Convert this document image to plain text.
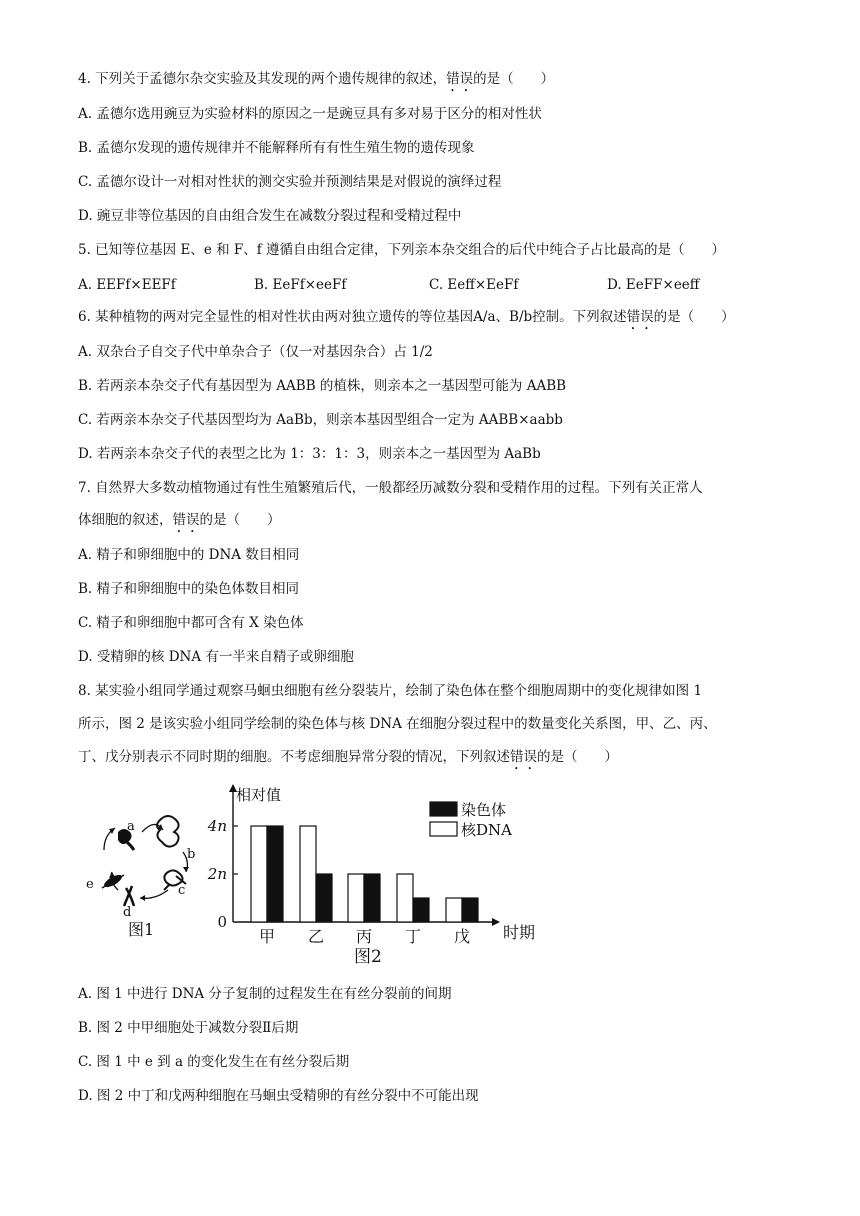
4. 下列关于孟德尔杂交实验及其发现的两个遗传规律的叙述，错误的是（　　）
A. 孟德尔选用豌豆为实验材料的原因之一是豌豆具有多对易于区分的相对性状
B. 孟德尔发现的遗传规律并不能解释所有有性生殖生物的遗传现象
C. 孟德尔设计一对相对性状的测交实验并预测结果是对假说的演绎过程
D. 豌豆非等位基因的自由组合发生在减数分裂过程和受精过程中
5. 已知等位基因 E、e 和 F、f 遵循自由组合定律，下列亲本杂交组合的后代中纯合子占比最高的是（　　）
A. EEFf×EEFf	B. EeFf×eeFf	C. Eeff×EeFf	D. EeFF×eeff
6. 某种植物的两对完全显性的相对性状由两对独立遗传的等位基因A/a、B/b控制。下列叙述错误的是（　　）
A. 双杂台子自交子代中单杂合子（仅一对基因杂合）占 1/2
B. 若两亲本杂交子代有基因型为 AABB 的植株，则亲本之一基因型可能为 AABB
C. 若两亲本杂交子代基因型均为 AaBb，则亲本基因型组合一定为 AABB×aabb
D. 若两亲本杂交子代的表型之比为 1：3：1：3，则亲本之一基因型为 AaBb
7. 自然界大多数动植物通过有性生殖繁殖后代，一般都经历减数分裂和受精作用的过程。下列有关正常人
体细胞的叙述，错误的是（　　）
A. 精子和卵细胞中的 DNA 数目相同
B. 精子和卵细胞中的染色体数目相同
C. 精子和卵细胞中都可含有 X 染色体
D. 受精卵的核 DNA 有一半来自精子或卵细胞
8. 某实验小组同学通过观察马蛔虫细胞有丝分裂装片，绘制了染色体在整个细胞周期中的变化规律如图 1
所示，图 2 是该实验小组同学绘制的染色体与核 DNA 在细胞分裂过程中的数量变化关系图，甲、乙、丙、
丁、戊分别表示不同时期的细胞。不考虑细胞异常分裂的情况，下列叙述错误的是（　　）
a
b
c
d
e
图1
相对值
时期
图2
0
2n
4n
甲 乙 丙 丁 戊
染色体
核DNA
A. 图 1 中进行 DNA 分子复制的过程发生在有丝分裂前的间期
B. 图 2 中甲细胞处于减数分裂Ⅱ后期
C. 图 1 中 e 到 a 的变化发生在有丝分裂后期
D. 图 2 中丁和戊两种细胞在马蛔虫受精卵的有丝分裂中不可能出现
